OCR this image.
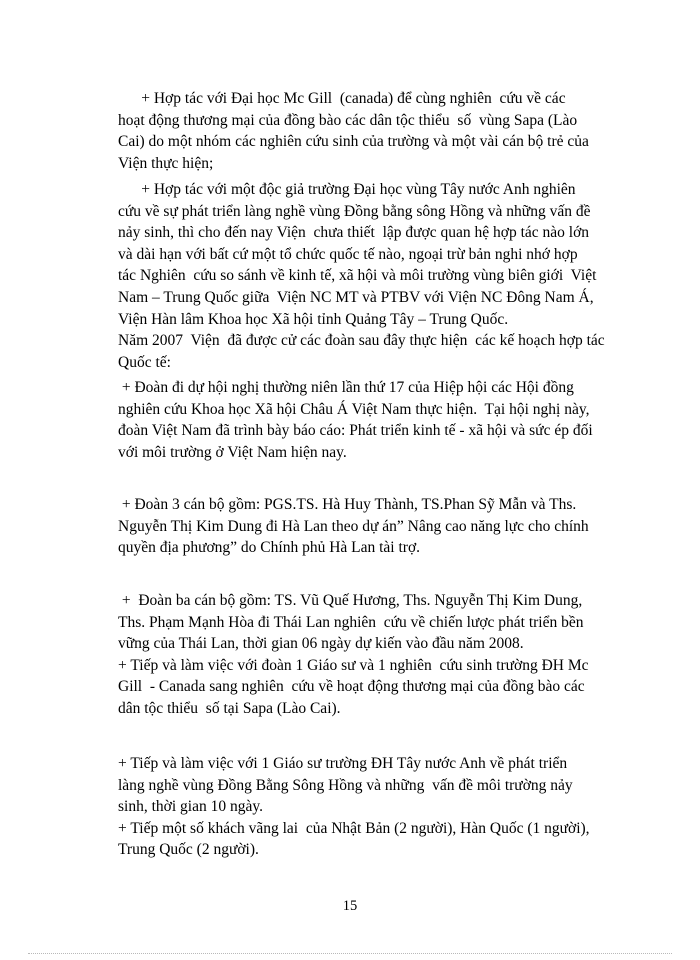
+ Hợp tác với Đại học Mc Gill  (canada) để cùng nghiên  cứu về các
hoạt động thương mại của đồng bào các dân tộc thiểu  số  vùng Sapa (Lào
Cai) do một nhóm các nghiên cứu sinh của trường và một vài cán bộ trẻ của
Viện thực hiện;

+ Hợp tác với một độc giả trường Đại học vùng Tây nước Anh nghiên
cứu về sự phát triển làng nghề vùng Đồng bằng sông Hồng và những vấn đề
nảy sinh, thì cho đến nay Viện  chưa thiết  lập được quan hệ hợp tác nào lớn
và dài hạn với bất cứ một tổ chức quốc tế nào, ngoại trừ bản nghi nhớ hợp
tác Nghiên  cứu so sánh về kinh tế, xã hội và môi trường vùng biên giới  Việt
Nam – Trung Quốc giữa  Viện NC MT và PTBV với Viện NC Đông Nam Á,
Viện Hàn lâm Khoa học Xã hội tỉnh Quảng Tây – Trung Quốc.
Năm 2007  Viện  đã được cử các đoàn sau đây thực hiện  các kế hoạch hợp tác
Quốc tế:

+ Đoàn đi dự hội nghị thường niên lần thứ 17 của Hiệp hội các Hội đồng
nghiên cứu Khoa học Xã hội Châu Á Việt Nam thực hiện.  Tại hội nghị này,
đoàn Việt Nam đã trình bày báo cáo: Phát triển kinh tế - xã hội và sức ép đối
với môi trường ở Việt Nam hiện nay.

+ Đoàn 3 cán bộ gồm: PGS.TS. Hà Huy Thành, TS.Phan Sỹ Mẫn và Ths.
Nguyễn Thị Kim Dung đi Hà Lan theo dự án” Nâng cao năng lực cho chính
quyền địa phương” do Chính phủ Hà Lan tài trợ.

+  Đoàn ba cán bộ gồm: TS. Vũ Quế Hương, Ths. Nguyễn Thị Kim Dung,
Ths. Phạm Mạnh Hòa đi Thái Lan nghiên  cứu về chiến lược phát triển bền
vững của Thái Lan, thời gian 06 ngày dự kiến vào đầu năm 2008.
+ Tiếp và làm việc với đoàn 1 Giáo sư và 1 nghiên  cứu sinh trường ĐH Mc
Gill  - Canada sang nghiên  cứu về hoạt động thương mại của đồng bào các
dân tộc thiểu  số tại Sapa (Lào Cai).

+ Tiếp và làm việc với 1 Giáo sư trường ĐH Tây nước Anh về phát triển
làng nghề vùng Đồng Bằng Sông Hồng và những  vấn đề môi trường nảy
sinh, thời gian 10 ngày.
+ Tiếp một số khách vãng lai  của Nhật Bản (2 người), Hàn Quốc (1 người),
Trung Quốc (2 người).

15
